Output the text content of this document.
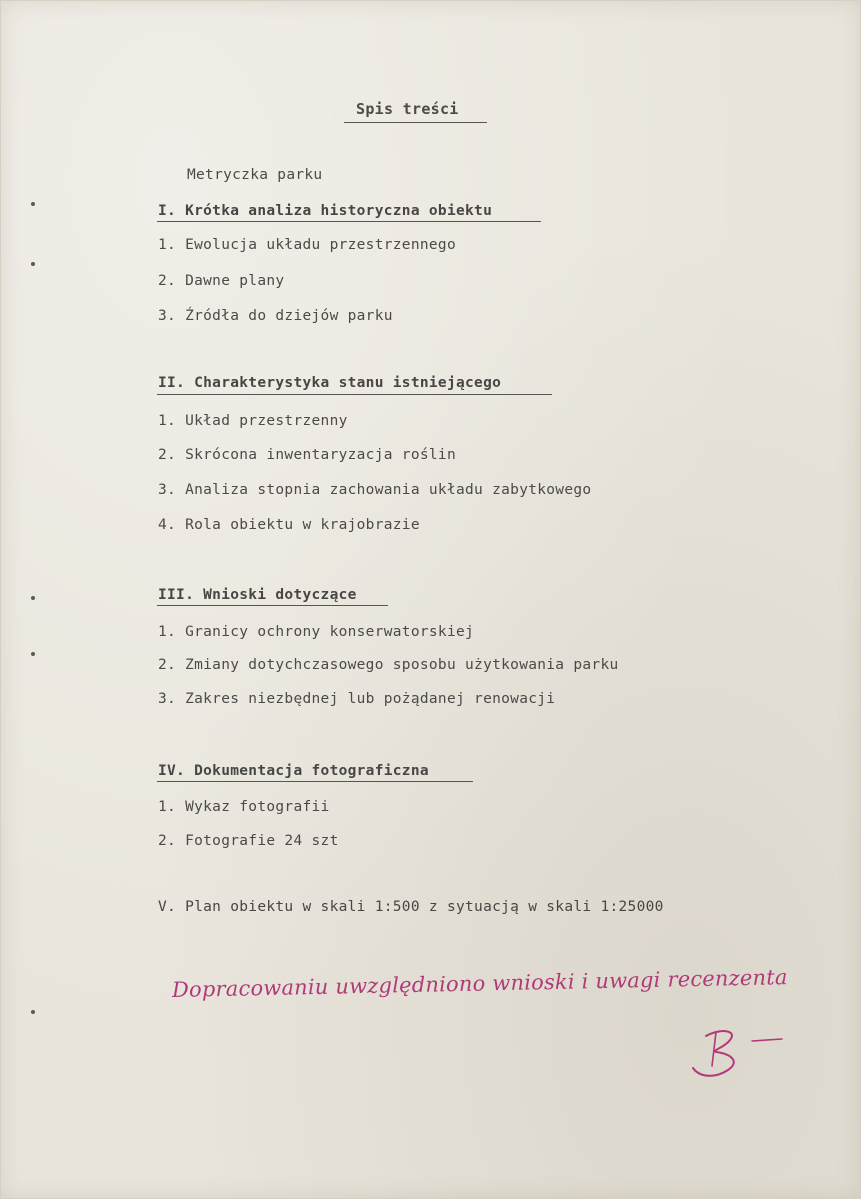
Spis treści
Metryczka parku
I. Krótka analiza historyczna obiektu
1. Ewolucja układu przestrzennego
2. Dawne plany
3. Źródła do dziejów parku
II. Charakterystyka stanu istniejącego
1. Układ przestrzenny
2. Skrócona inwentaryzacja roślin
3. Analiza stopnia zachowania układu zabytkowego
4. Rola obiektu w krajobrazie
III. Wnioski dotyczące
1. Granicy ochrony konserwatorskiej
2. Zmiany dotychczasowego sposobu użytkowania parku
3. Zakres niezbędnej lub pożądanej renowacji
IV. Dokumentacja fotograficzna
1. Wykaz fotografii
2. Fotografie 24 szt
V. Plan obiektu w skali 1:500 z sytuacją w skali 1:25000
Dopracowaniu uwzględniono wnioski i uwagi recenzenta
